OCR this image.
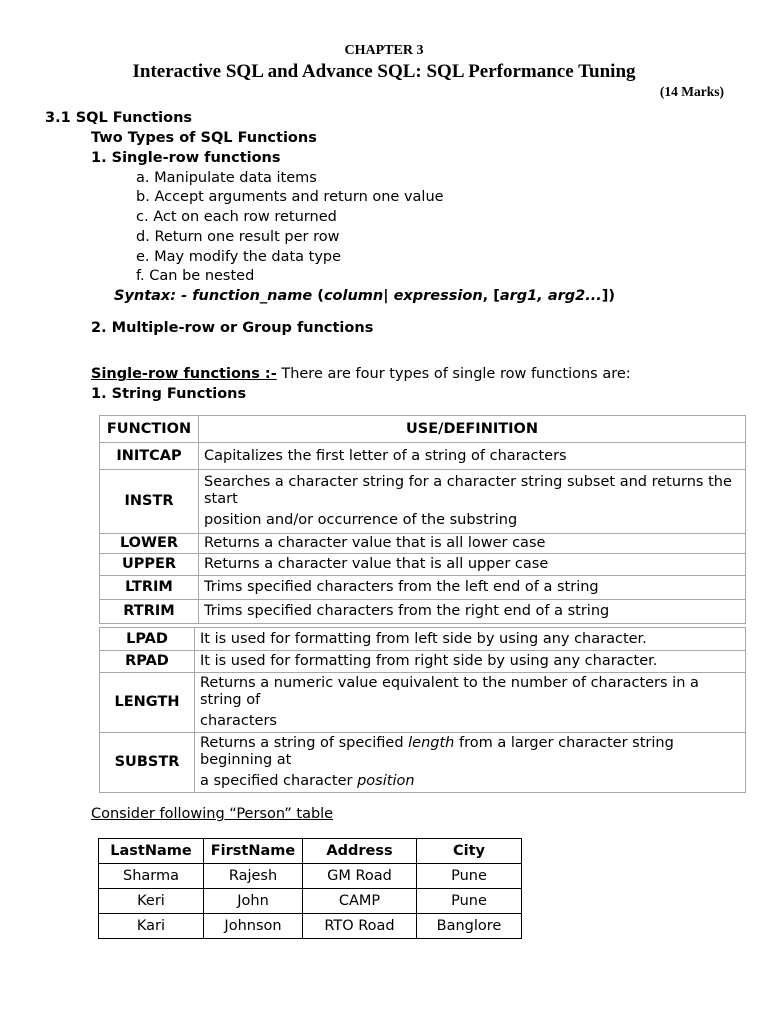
CHAPTER 3
Interactive SQL and Advance SQL: SQL Performance Tuning
(14 Marks)
3.1 SQL Functions
Two Types of SQL Functions
1. Single-row functions
a. Manipulate data items
b. Accept arguments and return one value
c. Act on each row returned
d. Return one result per row
e. May modify the data type
f. Can be nested
Syntax: - function_name (column| expression, [arg1, arg2...])
2. Multiple-row or Group functions
Single-row functions :- There are four types of single row functions are:
1. String Functions
FUNCTION	USE/DEFINITION
INITCAP	Capitalizes the first letter of a string of characters
INSTR	Searches a character string for a character string subset and returns the start
position and/or occurrence of the substring

LOWER	Returns a character value that is all lower case
UPPER	Returns a character value that is all upper case
LTRIM	Trims specified characters from the left end of a string
RTRIM	Trims specified characters from the right end of a string
LPAD	It is used for formatting from left side by using any character.
RPAD	It is used for formatting from right side by using any character.
LENGTH	Returns a numeric value equivalent to the number of characters in a string of
characters

SUBSTR	Returns a string of specified length from a larger character string beginning at
a specified character position
Consider following “Person” table
LastName	FirstName	Address	City
Sharma	Rajesh	GM Road	Pune
Keri	John	CAMP	Pune
Kari	Johnson	RTO Road	Banglore
